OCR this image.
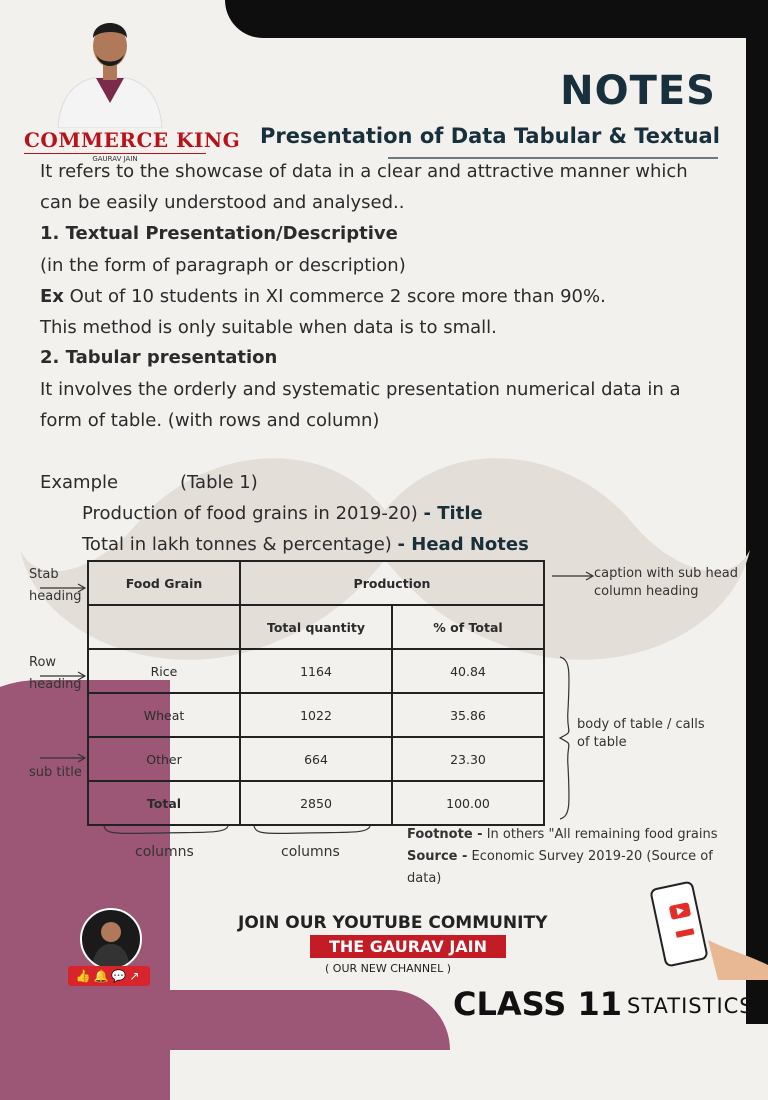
COMMERCE KING
GAURAV JAIN
NOTES
Presentation of Data Tabular & Textual
It refers to the showcase of data in a clear and attractive manner which
can be easily understood and analysed..
1. Textual Presentation/Descriptive
(in the form of paragraph or description)
Ex Out of 10 students in XI commerce 2 score more than 90%.
This method is only suitable when data is to small.
2. Tabular presentation
It involves the orderly and systematic presentation numerical data in a
form of table. (with rows and column)
Example	(Table 1)
Production of food grains in 2019-20) - Title
Total in lakh tonnes & percentage) - Head Notes
Food Grain	Production	
	Total quantity	% of Total
Rice	1164	40.84
Wheat	1022	35.86
Other	664	23.30
Total	2850	100.00
Stab
heading
Row
heading
sub title
caption with sub head
column heading
body of table / calls
of table
columns	columns
Footnote - In others "All remaining food grains
Source - Economic Survey 2019-20 (Source of
data)
👍🔔💬↗
JOIN OUR YOUTUBE COMMUNITY
THE GAURAV JAIN
( OUR NEW CHANNEL )
CLASS 11 STATISTICS
